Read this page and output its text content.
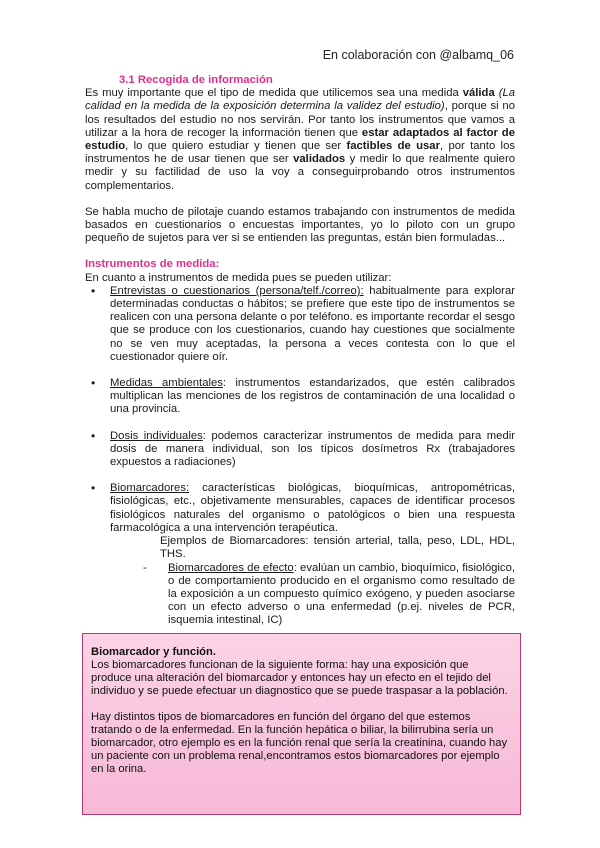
En colaboración con @albamq_06
3.1 Recogida de información

Es muy importante que el tipo de medida que utilicemos sea una medida válida (La calidad en la medida de la exposición determina la validez del estudio), porque si no los resultados del estudio no nos servirán. Por tanto los instrumentos que vamos a utilizar a la hora de recoger la información tienen que estar adaptados al factor de estudio, lo que quiero estudiar y tienen que ser factibles de usar, por tanto los instrumentos he de usar tienen que ser validados y medir lo que realmente quiero medir y su factilidad de uso la voy a conseguirprobando otros instrumentos complementarios.

Se habla mucho de pilotaje cuando estamos trabajando con instrumentos de medida basados en cuestionarios o encuestas importantes, yo lo piloto con un grupo pequeño de sujetos para ver si se entienden las preguntas, están bien formuladas...

Instrumentos de medida:

En cuanto a instrumentos de medida pues se pueden utilizar:

• Entrevistas o cuestionarios (persona/telf./correo): habitualmente para explorar determinadas conductas o hábitos; se prefiere que este tipo de instrumentos se realicen con una persona delante o por teléfono. es importante recordar el sesgo que se produce con los cuestionarios, cuando hay cuestiones que socialmente no se ven muy aceptadas, la persona a veces contesta con lo que el cuestionador quiere oír.
• Medidas ambientales: instrumentos estandarizados, que estén calibrados multiplican las menciones de los registros de contaminación de una localidad o una provincia.
• Dosis individuales: podemos caracterizar instrumentos de medida para medir dosis de manera individual, son los típicos dosímetros Rx (trabajadores expuestos a radiaciones)
• Biomarcadores: características biológicas, bioquímicas, antropométricas, fisiológicas, etc., objetivamente mensurables, capaces de identificar procesos fisiológicos naturales del organismo o patológicos o bien una respuesta farmacológica a una intervención terapéutica.
Ejemplos de Biomarcadores: tensión arterial, talla, peso, LDL, HDL, THS.
- Biomarcadores de efecto: evalúan un cambio, bioquímico, fisiológico, o de comportamiento producido en el organismo como resultado de la exposición a un compuesto químico exógeno, y pueden asociarse con un efecto adverso o una enfermedad (p.ej. niveles de PCR, isquemia intestinal, IC)
Biomarcador y función.

Los biomarcadores funcionan de la siguiente forma: hay una exposición que produce una alteración del biomarcador y entonces hay un efecto en el tejido del individuo y se puede efectuar un diagnostico que se puede traspasar a la población.

Hay distintos tipos de biomarcadores en función del órgano del que estemos tratando o de la enfermedad. En la función hepática o biliar, la bilirrubina sería un biomarcador, otro ejemplo es en la función renal que sería la creatinina, cuando hay un paciente con un problema renal,encontramos estos biomarcadores por ejemplo en la orina.
